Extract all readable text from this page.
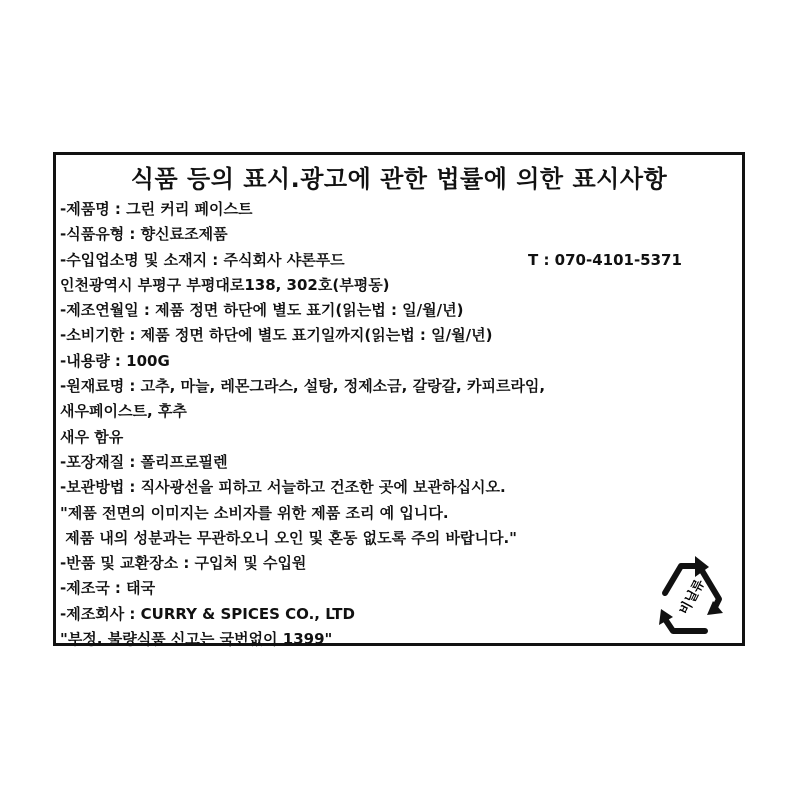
식품 등의 표시.광고에 관한 법률에 의한 표시사항
-제품명 : 그린 커리 페이스트
-식품유형 : 향신료조제품
-수입업소명 및 소재지 : 주식회사 샤론푸드	T : 070-4101-5371
인천광역시 부평구 부평대로138, 302호(부평동)
-제조연월일 : 제품 정면 하단에 별도 표기(읽는법 : 일/월/년)
-소비기한 : 제품 정면 하단에 별도 표기일까지(읽는법 : 일/월/년)
-내용량 : 100G
-원재료명 : 고추, 마늘, 레몬그라스, 설탕, 정제소금, 갈랑갈, 카피르라임,
새우페이스트, 후추
새우 함유
-포장재질 : 폴리프로필렌
-보관방법 : 직사광선을 피하고 서늘하고 건조한 곳에 보관하십시오.
"제품 전면의 이미지는 소비자를 위한 제품 조리 예 입니다.
제품 내의 성분과는 무관하오니 오인 및 혼동 없도록 주의 바랍니다."
-반품 및 교환장소 : 구입처 및 수입원
-제조국 : 태국
-제조회사 : CURRY & SPICES CO., LTD
"부정, 불량식품 신고는 국번없이 1399"
비닐류
